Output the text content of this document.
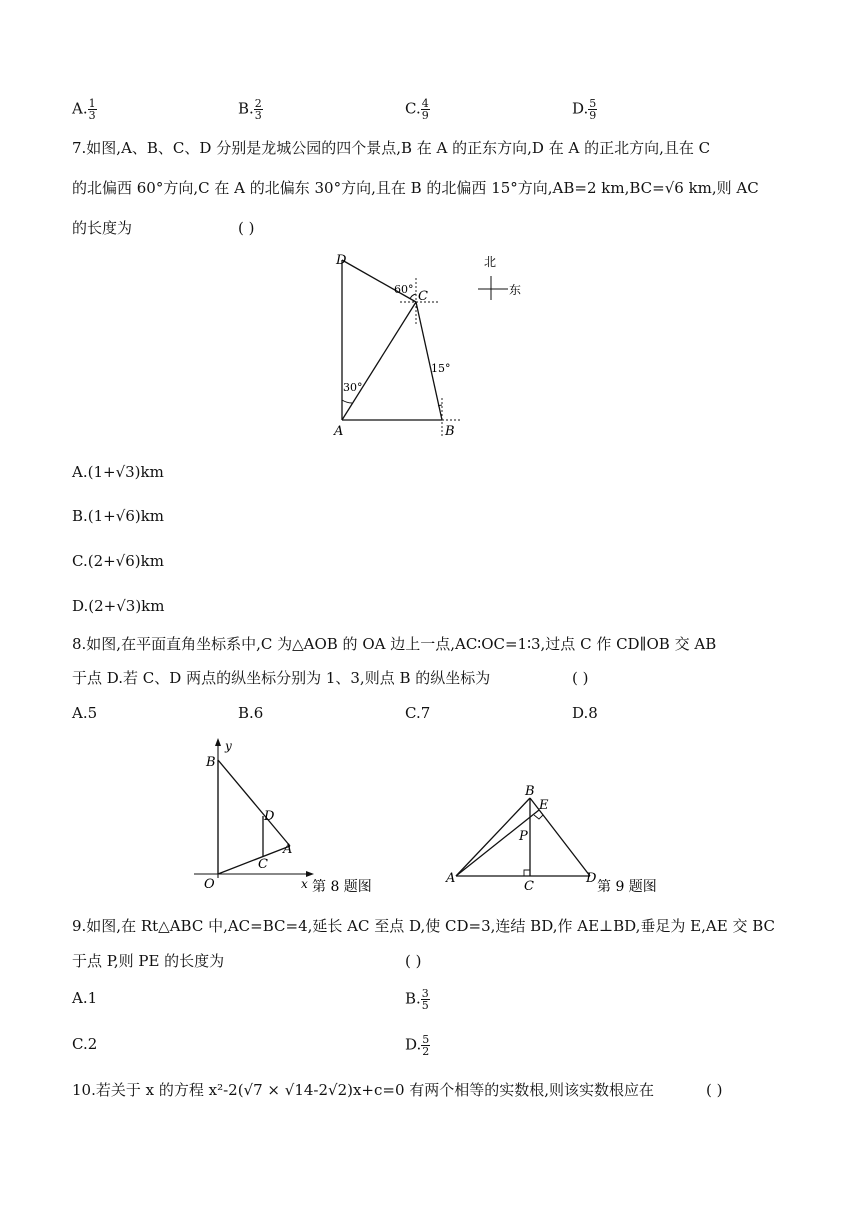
A. $\frac{1}{3}$	B. $\frac{2}{3}$	C. $\frac{4}{9}$	D. $\frac{5}{9}$
7.如图,A、B、C、D 分别是龙城公园的四个景点,B 在 A 的正东方向,D 在 A 的正北方向,且在 C
的北偏西 60°方向,C 在 A 的北偏东 30°方向,且在 B 的北偏西 15°方向,AB=2 km,BC=√6 km,则 AC
的长度为	( )
D
C
A	B
60°
30°
15°
北
东
A.(1+√3)km
B.(1+√6)km
C.(2+√6)km
D.(2+√3)km
8.如图,在平面直角坐标系中,C 为△AOB 的 OA 边上一点,AC∶OC=1∶3,过点 C 作 CD∥OB 交 AB
于点 D.若 C、D 两点的纵坐标分别为 1、3,则点 B 的纵坐标为	( )
A.5	B.6	C.7	D.8
y
B
D
C
A
O	x 第 8 题图
B
E
P
A
C
D
第 9 题图
9.如图,在 Rt△ABC 中,AC=BC=4,延长 AC 至点 D,使 CD=3,连结 BD,作 AE⊥BD,垂足为 E,AE 交 BC
于点 P,则 PE 的长度为	( )
A.1	B. $\frac{3}{5}$
C.2	D. $\frac{5}{2}$
10.若关于 x 的方程 x²-2(√7 × √14-2√2)x+c=0 有两个相等的实数根,则该实数根应在	( )
